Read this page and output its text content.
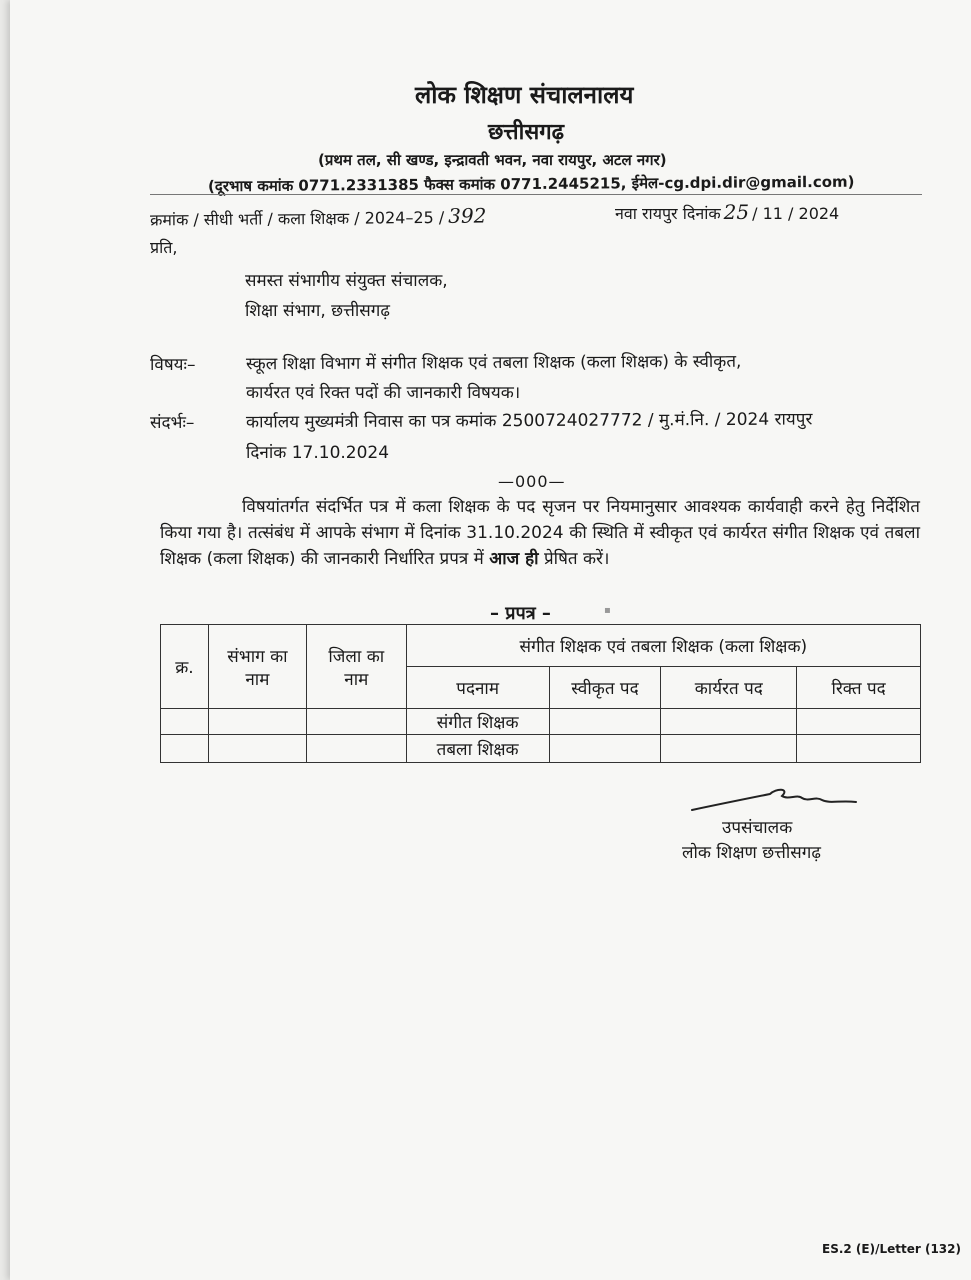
लोक शिक्षण संचालनालय
छत्तीसगढ़
(प्रथम तल, सी खण्ड, इन्द्रावती भवन, नवा रायपुर, अटल नगर)
(दूरभाष कमांक 0771.2331385 फैक्स कमांक 0771.2445215, ईमेल-cg.dpi.dir@gmail.com)
क्रमांक / सीधी भर्ती / कला शिक्षक / 2024–25 / 392	नवा रायपुर दिनांक 25 / 11 / 2024
प्रति,
समस्त संभागीय संयुक्त संचालक,
शिक्षा संभाग, छत्तीसगढ़
विषयः–	स्कूल शिक्षा विभाग में संगीत शिक्षक एवं तबला शिक्षक (कला शिक्षक) के स्वीकृत,
कार्यरत एवं रिक्त पदों की जानकारी विषयक।
संदर्भः–	कार्यालय मुख्यमंत्री निवास का पत्र कमांक 2500724027772 / मु.मं.नि. / 2024 रायपुर
दिनांक 17.10.2024
—000—
विषयांतर्गत संदर्भित पत्र में कला शिक्षक के पद सृजन पर नियमानुसार आवश्यक कार्यवाही करने हेतु निर्देशित किया गया है। तत्संबंध में आपके संभाग में दिनांक 31.10.2024 की स्थिति में स्वीकृत एवं कार्यरत संगीत शिक्षक एवं तबला शिक्षक (कला शिक्षक) की जानकारी निर्धारित प्रपत्र में आज ही प्रेषित करें।
– प्रपत्र –	▪
क्र.	संभाग का नाम	जिला का नाम	संगीत शिक्षक एवं तबला शिक्षक (कला शिक्षक)			
			पदनाम	स्वीकृत पद	कार्यरत पद	रिक्त पद
			संगीत शिक्षक			
			तबला शिक्षक			
उपसंचालक
लोक शिक्षण छत्तीसगढ़
ES.2 (E)/Letter (132)
